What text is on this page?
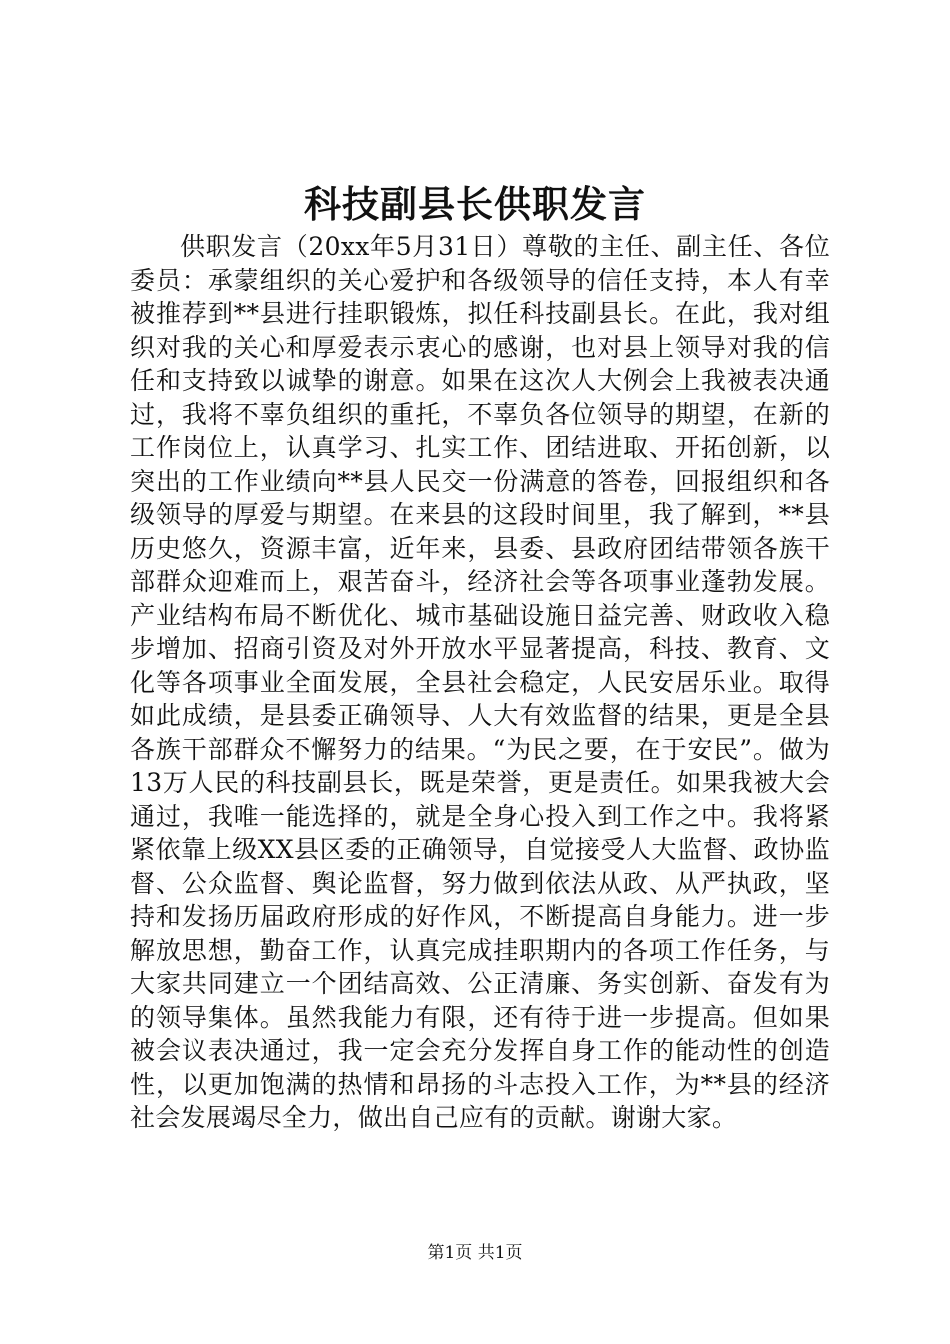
科技副县长供职发言

供职发言（20xx年5月31日）尊敬的主任、副主任、各位委员：承蒙组织的关心爱护和各级领导的信任支持，本人有幸被推荐到**县进行挂职锻炼，拟任科技副县长。在此，我对组织对我的关心和厚爱表示衷心的感谢，也对县上领导对我的信任和支持致以诚挚的谢意。如果在这次人大例会上我被表决通过，我将不辜负组织的重托，不辜负各位领导的期望，在新的工作岗位上，认真学习、扎实工作、团结进取、开拓创新，以突出的工作业绩向**县人民交一份满意的答卷，回报组织和各级领导的厚爱与期望。在来县的这段时间里，我了解到，**县历史悠久，资源丰富，近年来，县委、县政府团结带领各族干部群众迎难而上，艰苦奋斗，经济社会等各项事业蓬勃发展。产业结构布局不断优化、城市基础设施日益完善、财政收入稳步增加、招商引资及对外开放水平显著提高，科技、教育、文化等各项事业全面发展，全县社会稳定，人民安居乐业。取得如此成绩，是县委正确领导、人大有效监督的结果，更是全县各族干部群众不懈努力的结果。“为民之要，在于安民”。做为13万人民的科技副县长，既是荣誉，更是责任。如果我被大会通过，我唯一能选择的，就是全身心投入到工作之中。我将紧紧依靠上级XX县区委的正确领导，自觉接受人大监督、政协监督、公众监督、舆论监督，努力做到依法从政、从严执政，坚持和发扬历届政府形成的好作风，不断提高自身能力。进一步解放思想，勤奋工作，认真完成挂职期内的各项工作任务，与大家共同建立一个团结高效、公正清廉、务实创新、奋发有为的领导集体。虽然我能力有限，还有待于进一步提高。但如果被会议表决通过，我一定会充分发挥自身工作的能动性的创造性，以更加饱满的热情和昂扬的斗志投入工作，为**县的经济社会发展竭尽全力，做出自己应有的贡献。谢谢大家。

第1页 共1页
